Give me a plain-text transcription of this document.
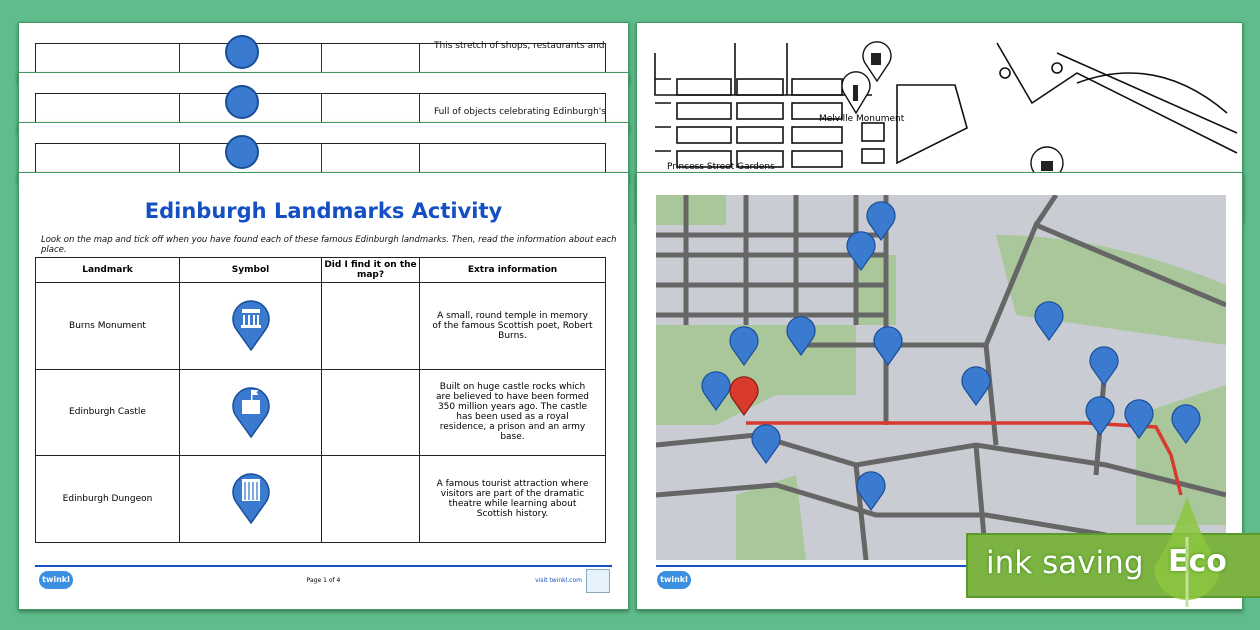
This stretch of shops, restaurants and
Full of objects celebrating Edinburgh's
Edinburgh Landmarks Activity
Look on the map and tick off when you have found each of these famous Edinburgh landmarks. Then, read the information about each place.
Landmark	Symbol	Did I find it on the map?	Extra information
Burns Monument			A small, round temple in memory of the famous Scottish poet, Robert Burns.
Edinburgh Castle			Built on huge castle rocks which are believed to have been formed 350 million years ago. The castle has been used as a royal residence, a prison and an army base.
Edinburgh Dungeon			A famous tourist attraction where visitors are part of the dramatic theatre while learning about Scottish history.
twinkl	Page 1 of 4	visit twinkl.com
Melville Monument
Princess Street Gardens
twinkl	ink saving Eco
